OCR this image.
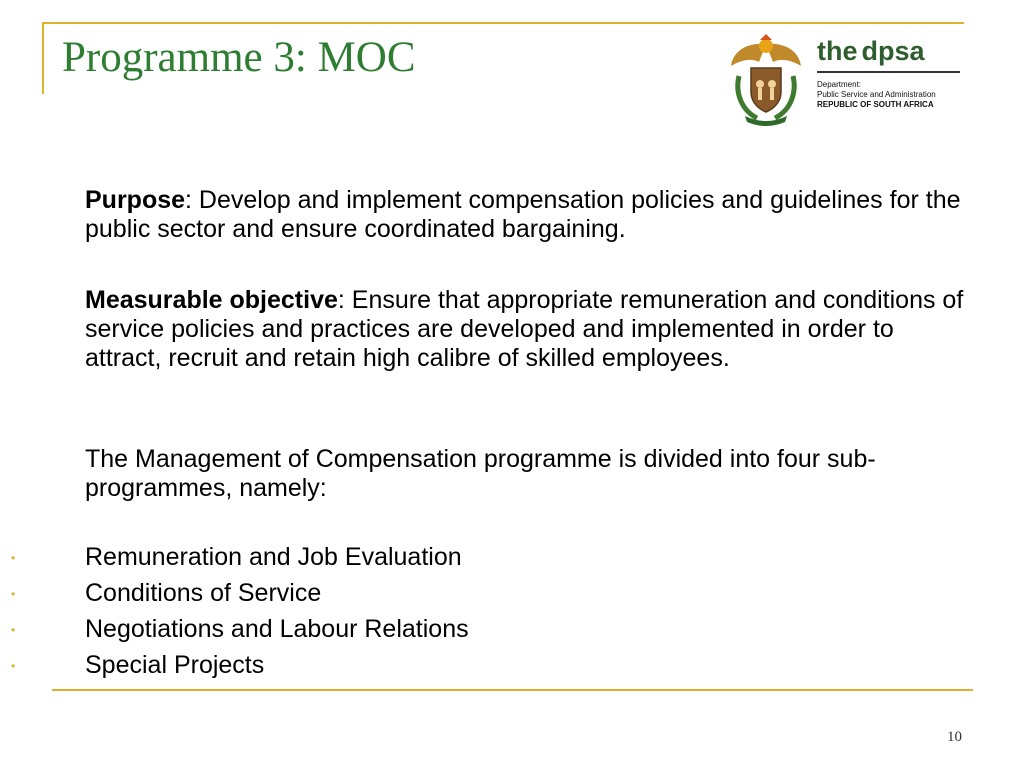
Programme 3: MOC	the dpsa
Department:
Public Service and Administration
REPUBLIC OF SOUTH AFRICA
Purpose: Develop and implement compensation policies and guidelines for the public sector and ensure coordinated bargaining.
Measurable objective: Ensure that appropriate remuneration and conditions of service policies and practices are developed and implemented in order to attract, recruit and retain high calibre of skilled employees.
The Management of Compensation programme is divided into four sub-programmes, namely:
•	Remuneration and Job Evaluation
•	Conditions of Service
•	Negotiations and Labour Relations
•	Special Projects
10
